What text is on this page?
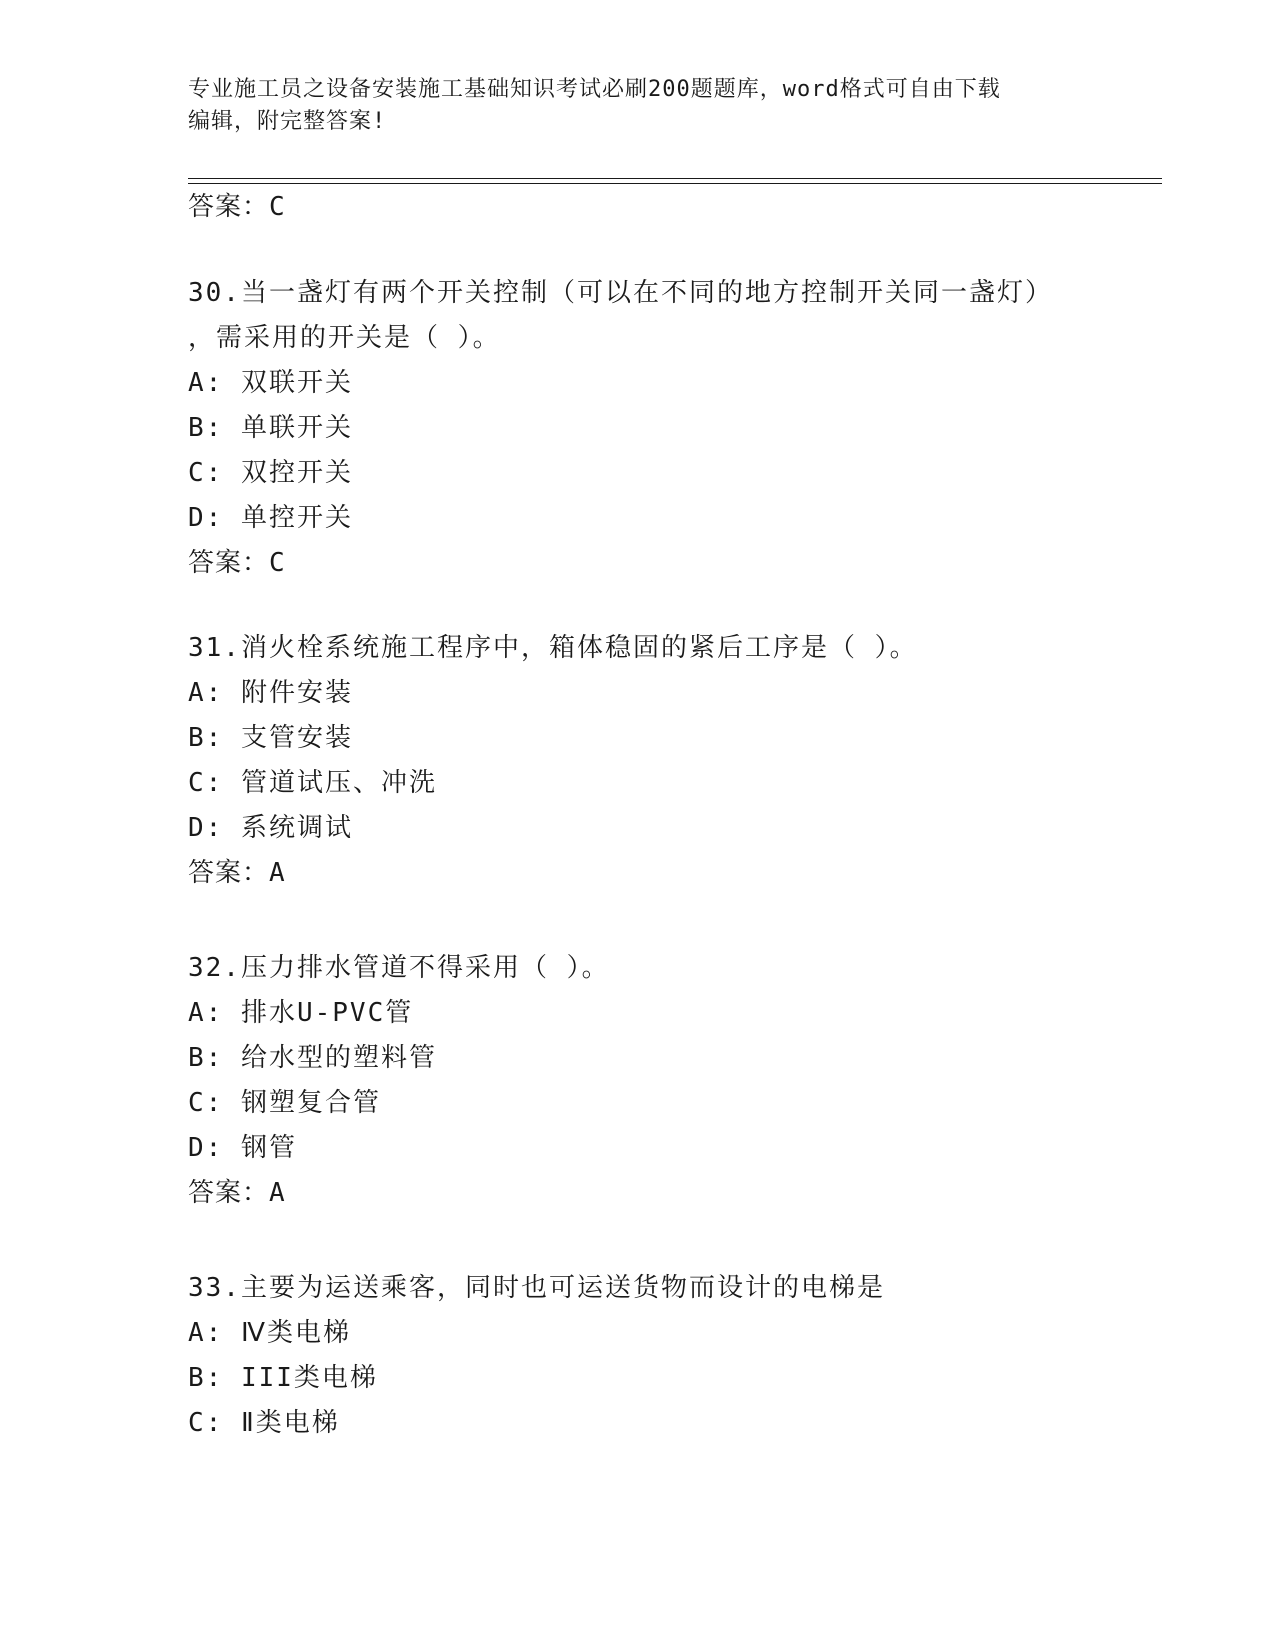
专业施工员之设备安装施工基础知识考试必刷200题题库，word格式可自由下载
编辑，附完整答案!
答案：C
30.当一盏灯有两个开关控制（可以在不同的地方控制开关同一盏灯）
，需采用的开关是（ ）。
A: 双联开关
B: 单联开关
C: 双控开关
D: 单控开关
答案：C
31.消火栓系统施工程序中，箱体稳固的紧后工序是（ ）。
A: 附件安装
B: 支管安装
C: 管道试压、冲洗
D: 系统调试
答案：A
32.压力排水管道不得采用（ ）。
A: 排水U-PVC管
B: 给水型的塑料管
C: 钢塑复合管
D: 钢管
答案：A
33.主要为运送乘客，同时也可运送货物而设计的电梯是
A: Ⅳ类电梯
B: III类电梯
C: Ⅱ类电梯
